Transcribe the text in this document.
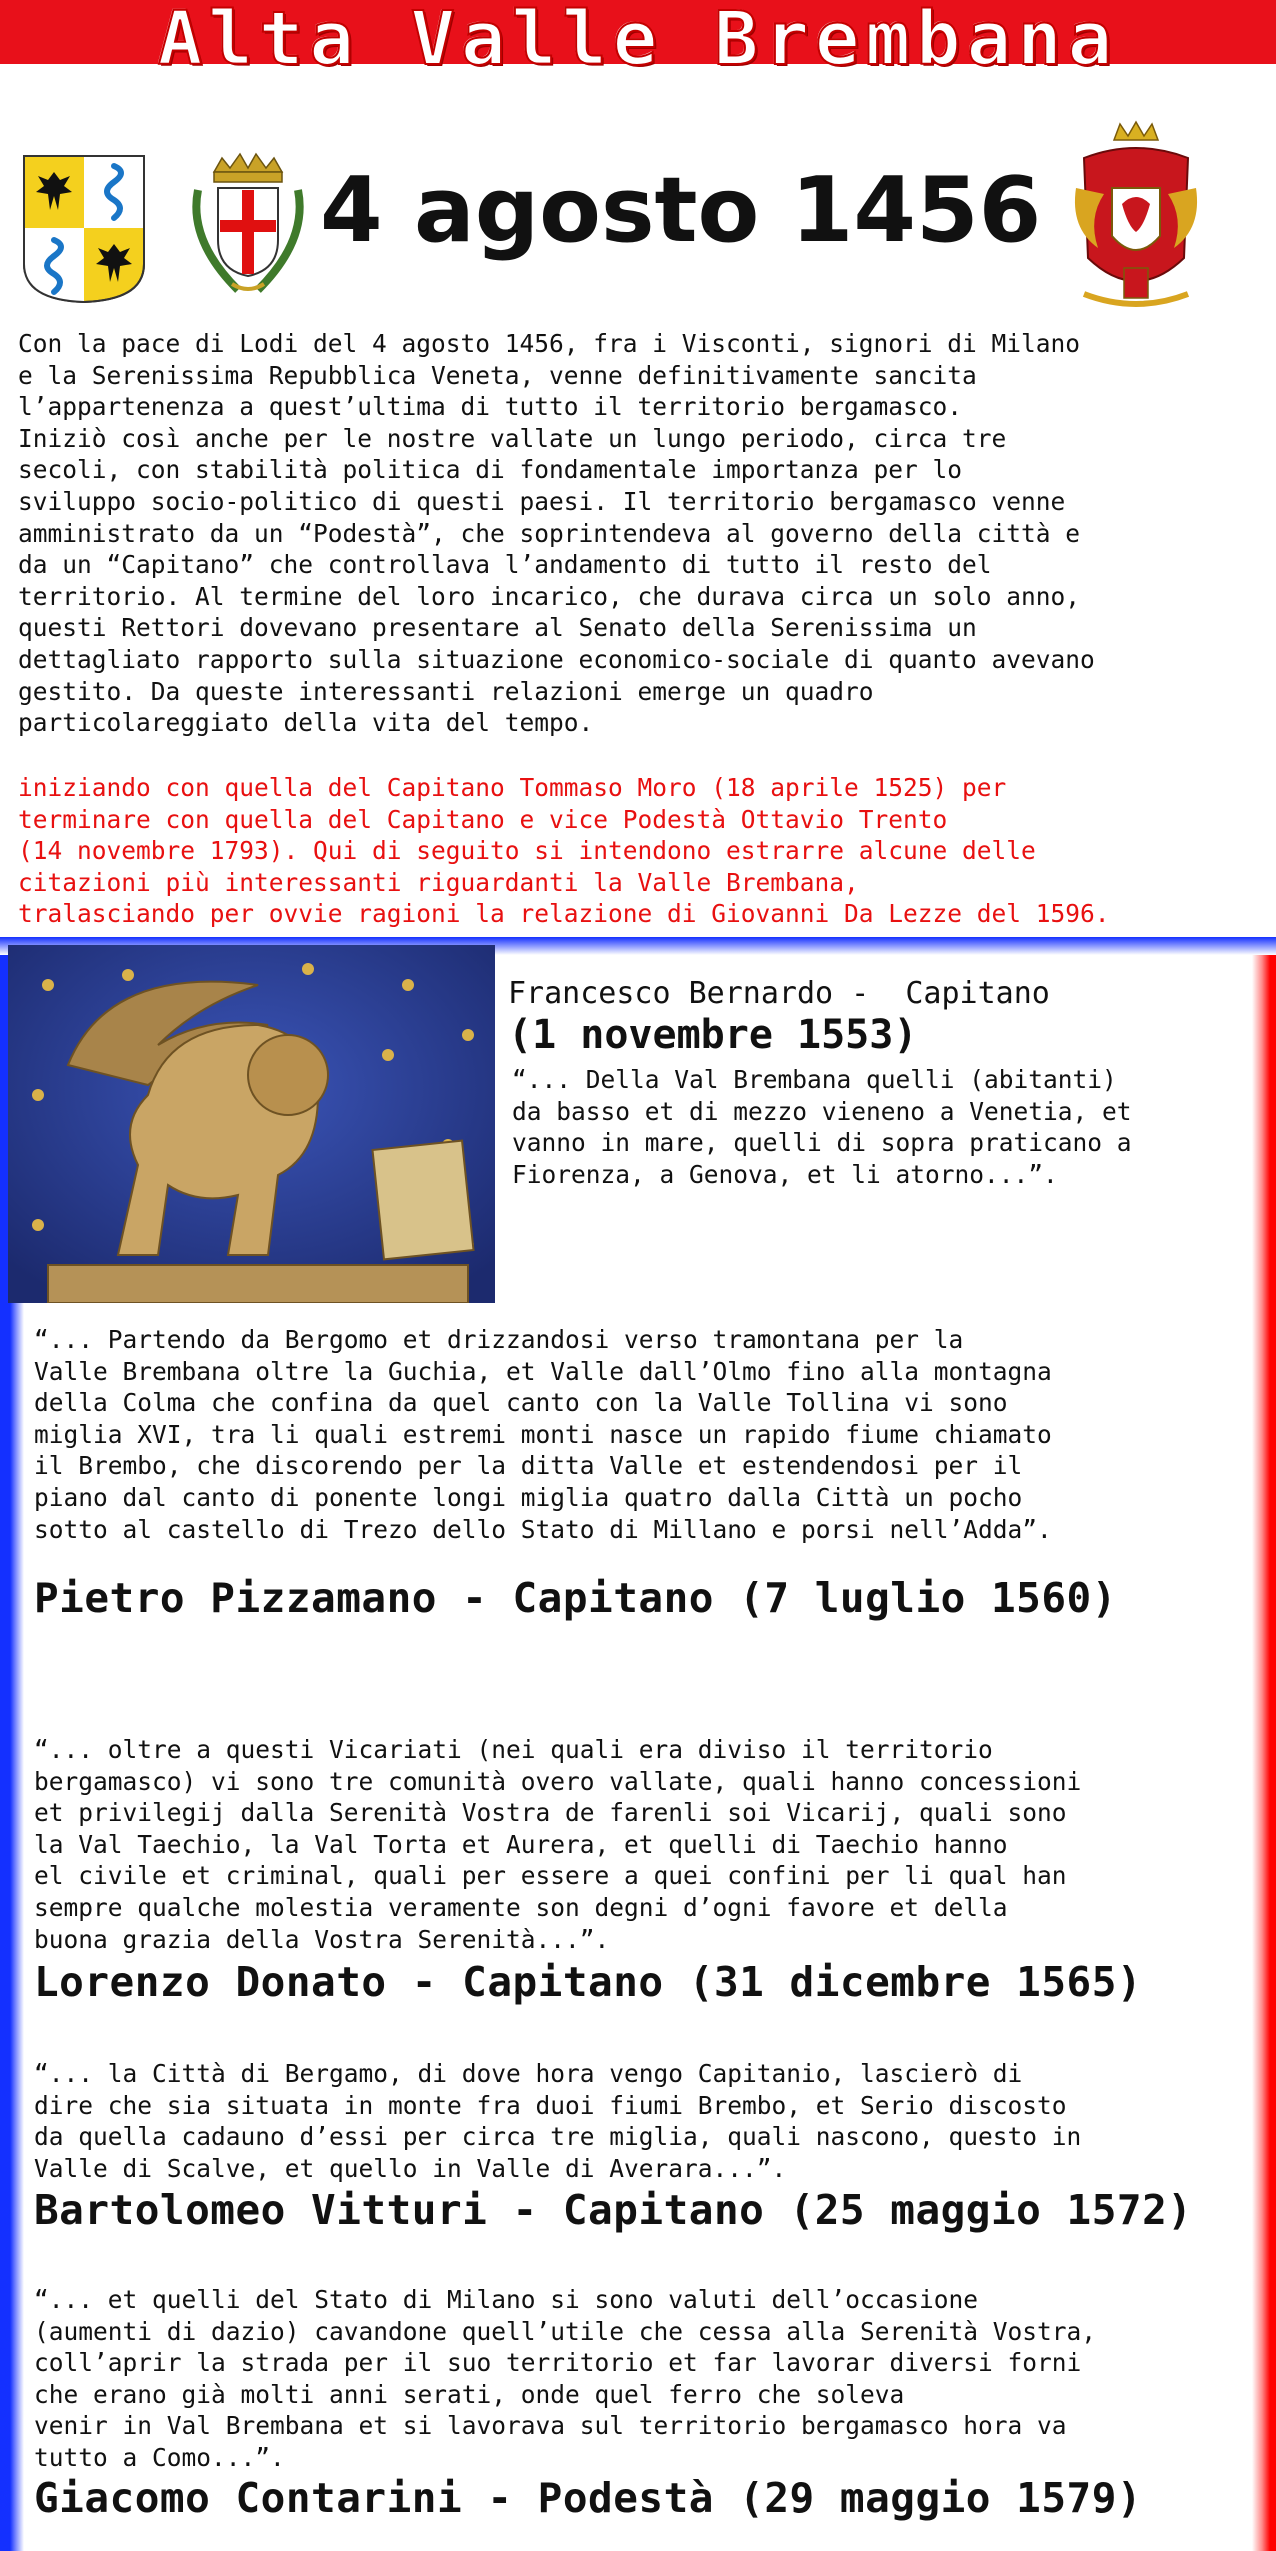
Alta Valle Brembana
4 agosto 1456

Con la pace di Lodi del 4 agosto 1456, fra i Visconti, signori di Milano
e la Serenissima Repubblica Veneta, venne definitivamente sancita
l’appartenenza a quest’ultima di tutto il territorio bergamasco.
Iniziò così anche per le nostre vallate un lungo periodo, circa tre
secoli, con stabilità politica di fondamentale importanza per lo
sviluppo socio-politico di questi paesi. Il territorio bergamasco venne
amministrato da un “Podestà”, che soprintendeva al governo della città e
da un “Capitano” che controllava l’andamento di tutto il resto del
territorio. Al termine del loro incarico, che durava circa un solo anno,
questi Rettori dovevano presentare al Senato della Serenissima un
dettagliato rapporto sulla situazione economico-sociale di quanto avevano
gestito. Da queste interessanti relazioni emerge un quadro
particolareggiato della vita del tempo.

iniziando con quella del Capitano Tommaso Moro (18 aprile 1525) per
terminare con quella del Capitano e vice Podestà Ottavio Trento
(14 novembre 1793). Qui di seguito si intendono estrarre alcune delle
citazioni più interessanti riguardanti la Valle Brembana,
tralasciando per ovvie ragioni la relazione di Giovanni Da Lezze del 1596.

Francesco Bernardo -  Capitano
(1 novembre 1553)

“... Della Val Brembana quelli (abitanti)
da basso et di mezzo vieneno a Venetia, et
vanno in mare, quelli di sopra praticano a
Fiorenza, a Genova, et li atorno...”.

“... Partendo da Bergomo et drizzandosi verso tramontana per la
Valle Brembana oltre la Guchia, et Valle dall’Olmo fino alla montagna
della Colma che confina da quel canto con la Valle Tollina vi sono
miglia XVI, tra li quali estremi monti nasce un rapido fiume chiamato
il Brembo, che discorendo per la ditta Valle et estendendosi per il
piano dal canto di ponente longi miglia quatro dalla Città un pocho
sotto al castello di Trezo dello Stato di Millano e porsi nell’Adda”.

Pietro Pizzamano - Capitano (7 luglio 1560)

“... oltre a questi Vicariati (nei quali era diviso il territorio
bergamasco) vi sono tre comunità overo vallate, quali hanno concessioni
et privilegij dalla Serenità Vostra de farenli soi Vicarij, quali sono
la Val Taechio, la Val Torta et Aurera, et quelli di Taechio hanno
el civile et criminal, quali per essere a quei confini per li qual han
sempre qualche molestia veramente son degni d’ogni favore et della
buona grazia della Vostra Serenità...”.

Lorenzo Donato - Capitano (31 dicembre 1565)

“... la Città di Bergamo, di dove hora vengo Capitanio, lascierò di
dire che sia situata in monte fra duoi fiumi Brembo, et Serio discosto
da quella cadauno d’essi per circa tre miglia, quali nascono, questo in
Valle di Scalve, et quello in Valle di Averara...”.

Bartolomeo Vitturi - Capitano (25 maggio 1572)

“... et quelli del Stato di Milano si sono valuti dell’occasione
(aumenti di dazio) cavandone quell’utile che cessa alla Serenità Vostra,
coll’aprir la strada per il suo territorio et far lavorar diversi forni
che erano già molti anni serati, onde quel ferro che soleva
venir in Val Brembana et si lavorava sul territorio bergamasco hora va
tutto a Como...”.

Giacomo Contarini - Podestà (29 maggio 1579)
